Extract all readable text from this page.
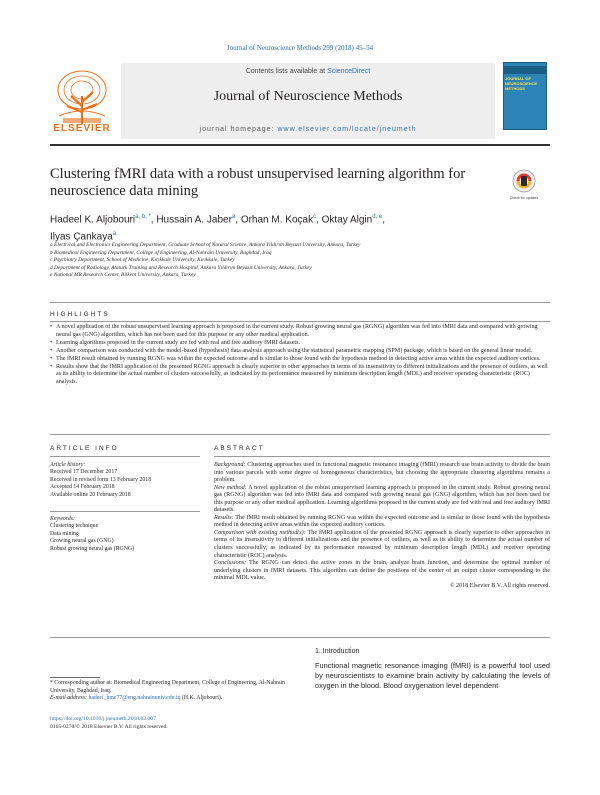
Journal of Neuroscience Methods 299 (2018) 45–54
ELSEVIER
Contents lists available at ScienceDirect
Journal of Neuroscience Methods
journal homepage: www.elsevier.com/locate/jneumeth
JOURNAL OF NEUROSCIENCE METHODS
Clustering fMRI data with a robust unsupervised learning algorithm for neuroscience data mining	Check for updates
Hadeel K. Aljobouri$^{a, b, *}$, Hussain A. Jaber$^a$, Orhan M. Koçak$^c$, Oktay Algin$^{d, e}$,
Ilyas Çankaya$^a$
a Electrical and Electronics Engineering Department, Graduate School of Natural Science, Ankara Yıldırım Beyazıt University, Ankara, Turkey
b Biomedical Engineering Department, College of Engineering, Al-Nahrain University, Baghdad, Iraq
c Psychiatry Department, School of Medicine, Kırıkkale University, Kırıkkale, Turkey
d Department of Radiology, Ataturk Training and Research Hospital, Ankara Yıldırım Beyazıt University, Ankara, Turkey
e National MR Research Center, Bilkent University, Ankara, Turkey
HIGHLIGHTS
• A novel application of the robust unsupervised learning approach is proposed in the current study. Robust growing neural gas (RGNG) algorithm was fed into fMRI data and compared with growing neural gas (GNG) algorithm, which has not been used for this purpose or any other medical application.
• Learning algorithms proposed in the current study are fed with real and free auditory fMRI datasets.
• Another comparison was conducted with the model-based (hypothesis) data analysis approach using the statistical parametric mapping (SPM) package, which is based on the general linear model.
• The fMRI result obtained by running RGNG was within the expected outcome and is similar to those found with the hypothesis method in detecting active areas within the expected auditory cortices.
• Results show that the fMRI application of the presented RGNG approach is clearly superior to other approaches in terms of its insensitivity to different initializations and the presence of outliers, as well as its ability to determine the actual number of clusters successfully, as indicated by its performance measured by minimum description length (MDL) and receiver operating characteristic (ROC) analysis.
ARTICLE INFO
Article history:
Received 17 December 2017
Received in revised form 13 February 2018
Accepted 14 February 2018
Available online 20 February 2018
Keywords:
Clustering technique
Data mining
Growing neural gas (GNG)
Robust growing neural gas (RGNG)
ABSTRACT

Background: Clustering approaches used in functional magnetic resonance imaging (fMRI) research use brain activity to divide the brain into various parcels with some degree of homogeneous characteristics, but choosing the appropriate clustering algorithms remains a problem.

New method: A novel application of the robust unsupervised learning approach is proposed in the current study. Robust growing neural gas (RGNG) algorithm was fed into fMRI data and compared with growing neural gas (GNG) algorithm, which has not been used for this purpose or any other medical application. Learning algorithms proposed in the current study are fed with real and free auditory fMRI datasets.

Results: The fMRI result obtained by running RGNG was within the expected outcome and is similar to those found with the hypothesis method in detecting active areas within the expected auditory cortices.

Comparison with existing method(s): The fMRI application of the presented RGNG approach is clearly superior to other approaches in terms of its insensitivity to different initializations and the presence of outliers, as well as its ability to determine the actual number of clusters successfully, as indicated by its performance measured by minimum description length (MDL) and receiver operating characteristic (ROC) analysis.

Conclusions: The RGNG can detect the active zones in the brain, analyze brain function, and determine the optimal number of underlying clusters in fMRI datasets. This algorithm can define the positions of the center of an output cluster corresponding to the minimal MDL value.

© 2018 Elsevier B.V. All rights reserved.

1. Introduction
Functional magnetic resonance imaging (fMRI) is a powerful tool used by neuroscientists to examine brain activity by calculating the levels of oxygen in the blood. Blood oxygenation level dependent
* Corresponding author at: Biomedical Engineering Department, College of Engineering, Al-Nahrain University, Baghdad, Iraq.
E-mail address: hadeel_bme77@eng.nahrainuniv.edu.iq (H.K. Aljobouri).
https://doi.org/10.1016/j.jneumeth.2018.02.007
0165-0270/© 2018 Elsevier B.V. All rights reserved.
